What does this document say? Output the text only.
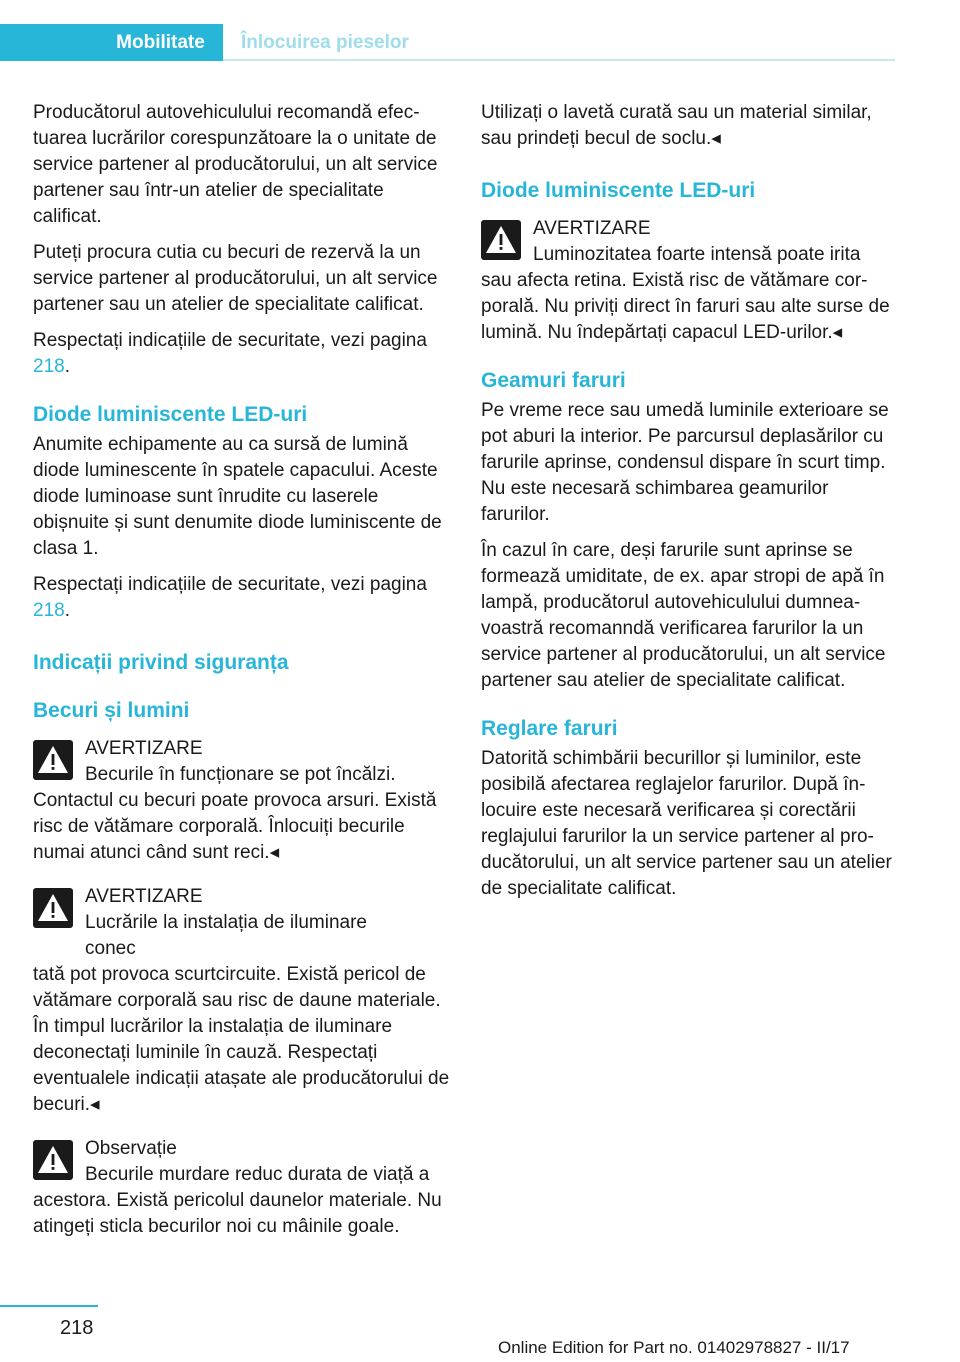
Mobilitate	Înlocuirea pieselor

Producătorul autovehiculului recomandă efectuarea lucrărilor corespunzătoare la o unitate de service partener al producătorului, un alt service partener sau într-un atelier de specialitate calificat.

Puteți procura cutia cu becuri de rezervă la un service partener al producătorului, un alt service partener sau un atelier de specialitate calificat.

Respectați indicațiile de securitate, vezi pagina 218.

Diode luminiscente LED-uri

Anumite echipamente au ca sursă de lumină diode luminescente în spatele capacului. Aceste diode luminoase sunt înrudite cu laserele obișnuite și sunt denumite diode luminiscente de clasa 1.

Respectați indicațiile de securitate, vezi pagina 218.

Indicații privind siguranța
Becuri și lumini
AVERTIZARE
Becurile în funcționare se pot încălzi.

Contactul cu becuri poate provoca arsuri. Există risc de vătămare corporală. Înlocuiți becurile numai atunci când sunt reci.◂

AVERTIZARE
Lucrările la instalația de iluminare conec

tată pot provoca scurtcircuite. Există pericol de vătămare corporală sau risc de daune materiale. În timpul lucrărilor la instalația de iluminare deconectați luminile în cauză. Respectați eventualele indicații atașate ale producătorului de becuri.◂

Observație
Becurile murdare reduc durata de viață a

acestora. Există pericolul daunelor materiale. Nu atingeți sticla becurilor noi cu mâinile goale.

Utilizați o lavetă curată sau un material similar, sau prindeți becul de soclu.◂

Diode luminiscente LED-uri
AVERTIZARE
Luminozitatea foarte intensă poate irita

sau afecta retina. Există risc de vătămare corporală. Nu priviți direct în faruri sau alte surse de lumină. Nu îndepărtați capacul LED-urilor.◂

Geamuri faruri

Pe vreme rece sau umedă luminile exterioare se pot aburi la interior. Pe parcursul deplasărilor cu farurile aprinse, condensul dispare în scurt timp. Nu este necesară schimbarea geamurilor farurilor.

În cazul în care, deși farurile sunt aprinse se formează umiditate, de ex. apar stropi de apă în lampă, producătorul autovehiculului dumneavoastră recomanndă verificarea farurilor la un service partener al producătorului, un alt service partener sau atelier de specialitate calificat.

Reglare faruri

Datorită schimbării becurillor și luminilor, este posibilă afectarea reglajelor farurilor. După înlocuire este necesară verificarea și corectării reglajului farurilor la un service partener al producătorului, un alt service partener sau un atelier de specialitate calificat.

218
Online Edition for Part no. 01402978827 - II/17
